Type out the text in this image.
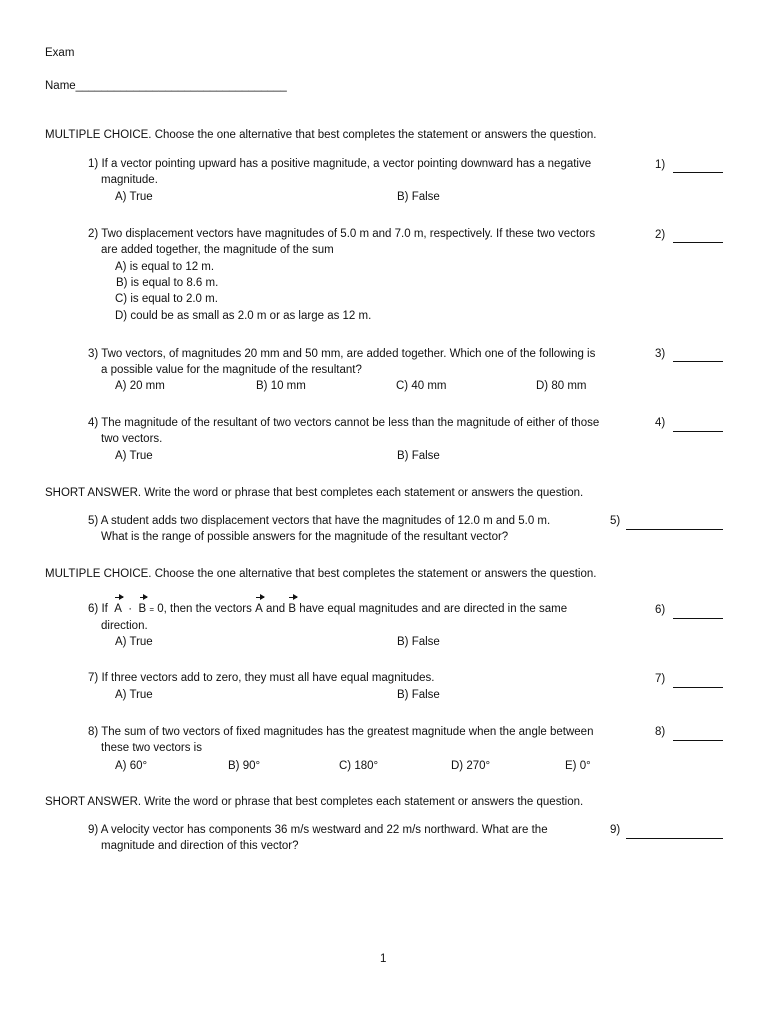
Exam
Name_________________________________
MULTIPLE CHOICE. Choose the one alternative that best completes the statement or answers the question.
1) If a vector pointing upward has a positive magnitude, a vector pointing downward has a negative
magnitude.
A) True	B) False
1)
2) Two displacement vectors have magnitudes of 5.0 m and 7.0 m, respectively. If these two vectors
are added together, the magnitude of the sum
A) is equal to 12 m.
B) is equal to 8.6 m.
C) is equal to 2.0 m.
D) could be as small as 2.0 m or as large as 12 m.
2)
3) Two vectors, of magnitudes 20 mm and 50 mm, are added together. Which one of the following is
a possible value for the magnitude of the resultant?
A) 20 mm	B) 10 mm	C) 40 mm	D) 80 mm
3)
4) The magnitude of the resultant of two vectors cannot be less than the magnitude of either of those
two vectors.
A) True	B) False
4)
SHORT ANSWER. Write the word or phrase that best completes each statement or answers the question.
5) A student adds two displacement vectors that have the magnitudes of 12.0 m and 5.0 m.
What is the range of possible answers for the magnitude of the resultant vector?
5)
MULTIPLE CHOICE. Choose the one alternative that best completes the statement or answers the question.
6) If A · B = 0, then the vectors A and B have equal magnitudes and are directed in the same
direction.
A) True	B) False
6)
7) If three vectors add to zero, they must all have equal magnitudes.
A) True	B) False
7)
8) The sum of two vectors of fixed magnitudes has the greatest magnitude when the angle between
these two vectors is
A) 60°	B) 90°	C) 180°	D) 270°	E) 0°
8)
SHORT ANSWER. Write the word or phrase that best completes each statement or answers the question.
9) A velocity vector has components 36 m/s westward and 22 m/s northward. What are the
magnitude and direction of this vector?
9)
1
